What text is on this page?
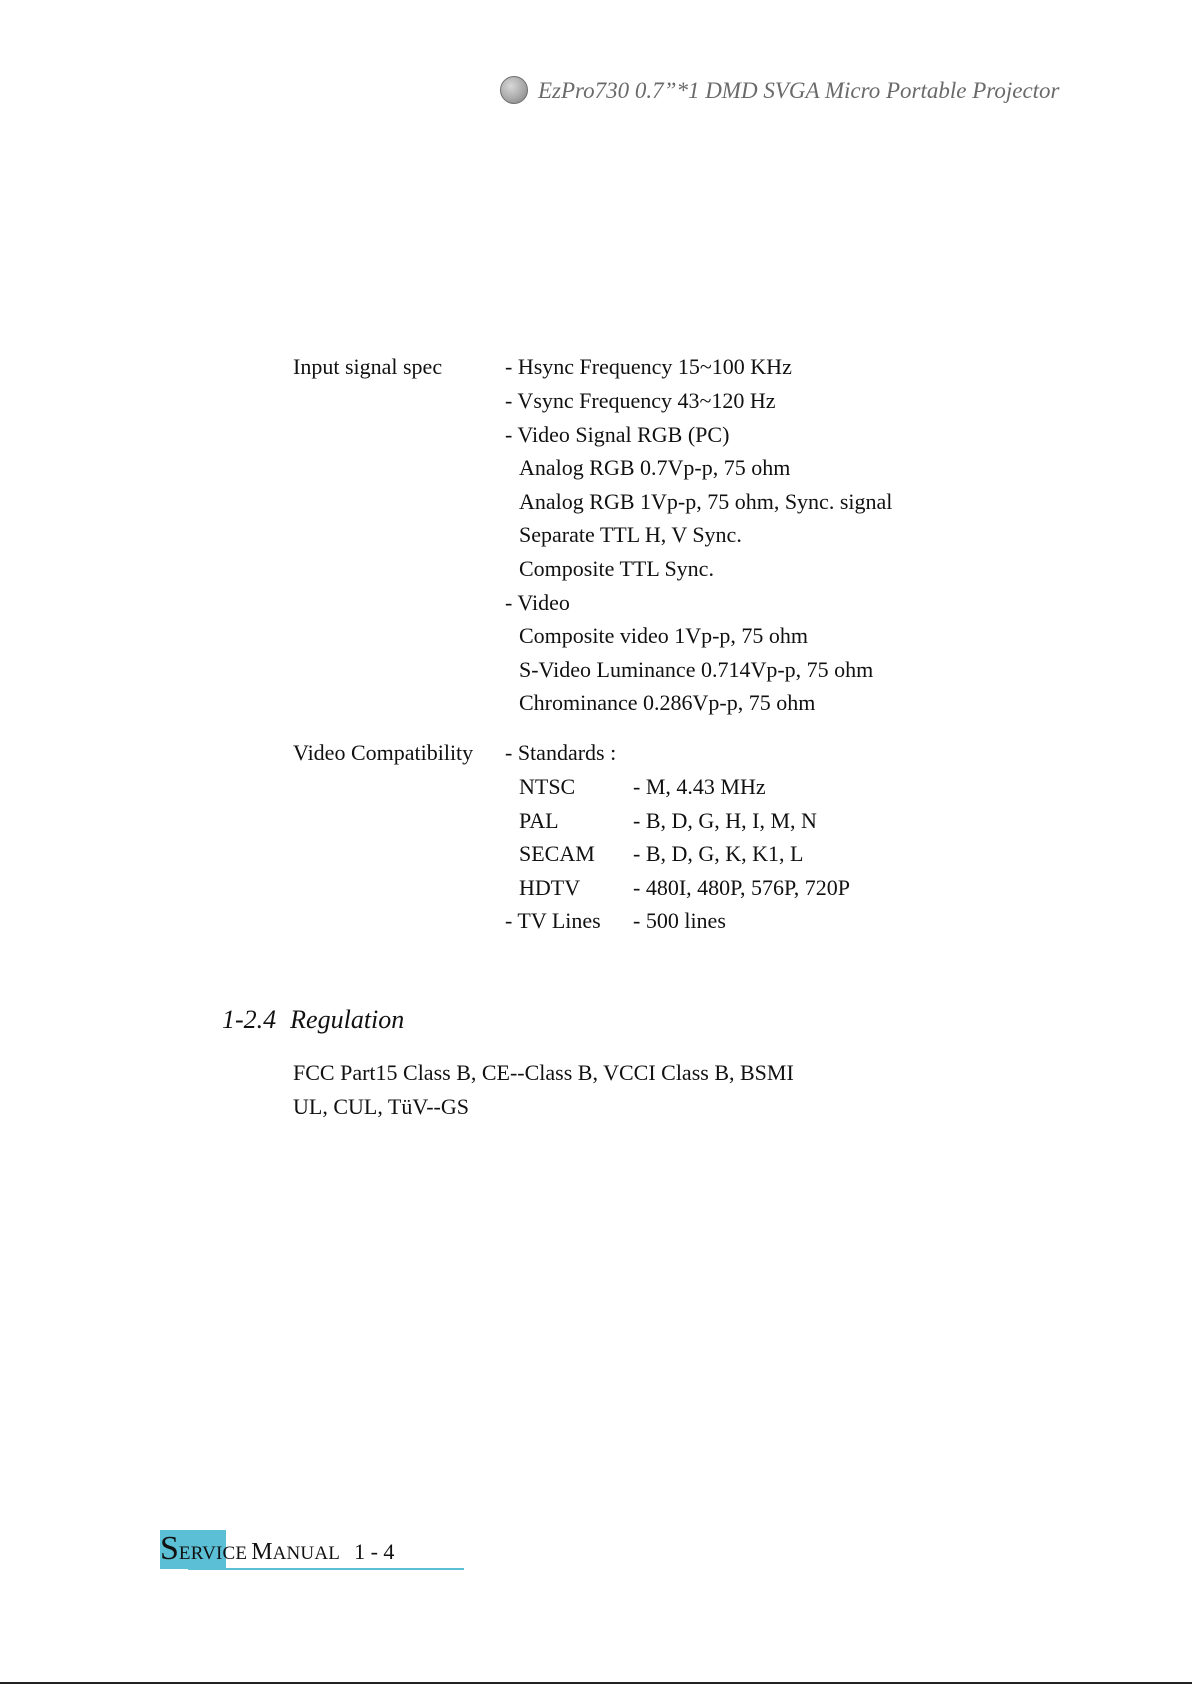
EzPro730 0.7”*1 DMD SVGA Micro Portable Projector
Input signal spec	- Hsync Frequency 15~100 KHz
- Vsync Frequency 43~120 Hz
- Video Signal RGB (PC)
Analog RGB 0.7Vp-p, 75 ohm
Analog RGB 1Vp-p, 75 ohm, Sync. signal
Separate TTL H, V Sync.
Composite TTL Sync.
- Video
Composite video 1Vp-p, 75 ohm
S-Video Luminance 0.714Vp-p, 75 ohm
Chrominance 0.286Vp-p, 75 ohm
Video Compatibility - Standards :
NTSC	- M, 4.43 MHz
PAL	- B, D, G, H, I, M, N
SECAM - B, D, G, K, K1, L
HDTV - 480I, 480P, 576P, 720P
- TV Lines - 500 lines
1-2.4 Regulation
FCC Part15 Class B, CE--Class B, VCCI Class B, BSMI
UL, CUL, TüV--GS
SERVICE MANUAL 1 - 4
